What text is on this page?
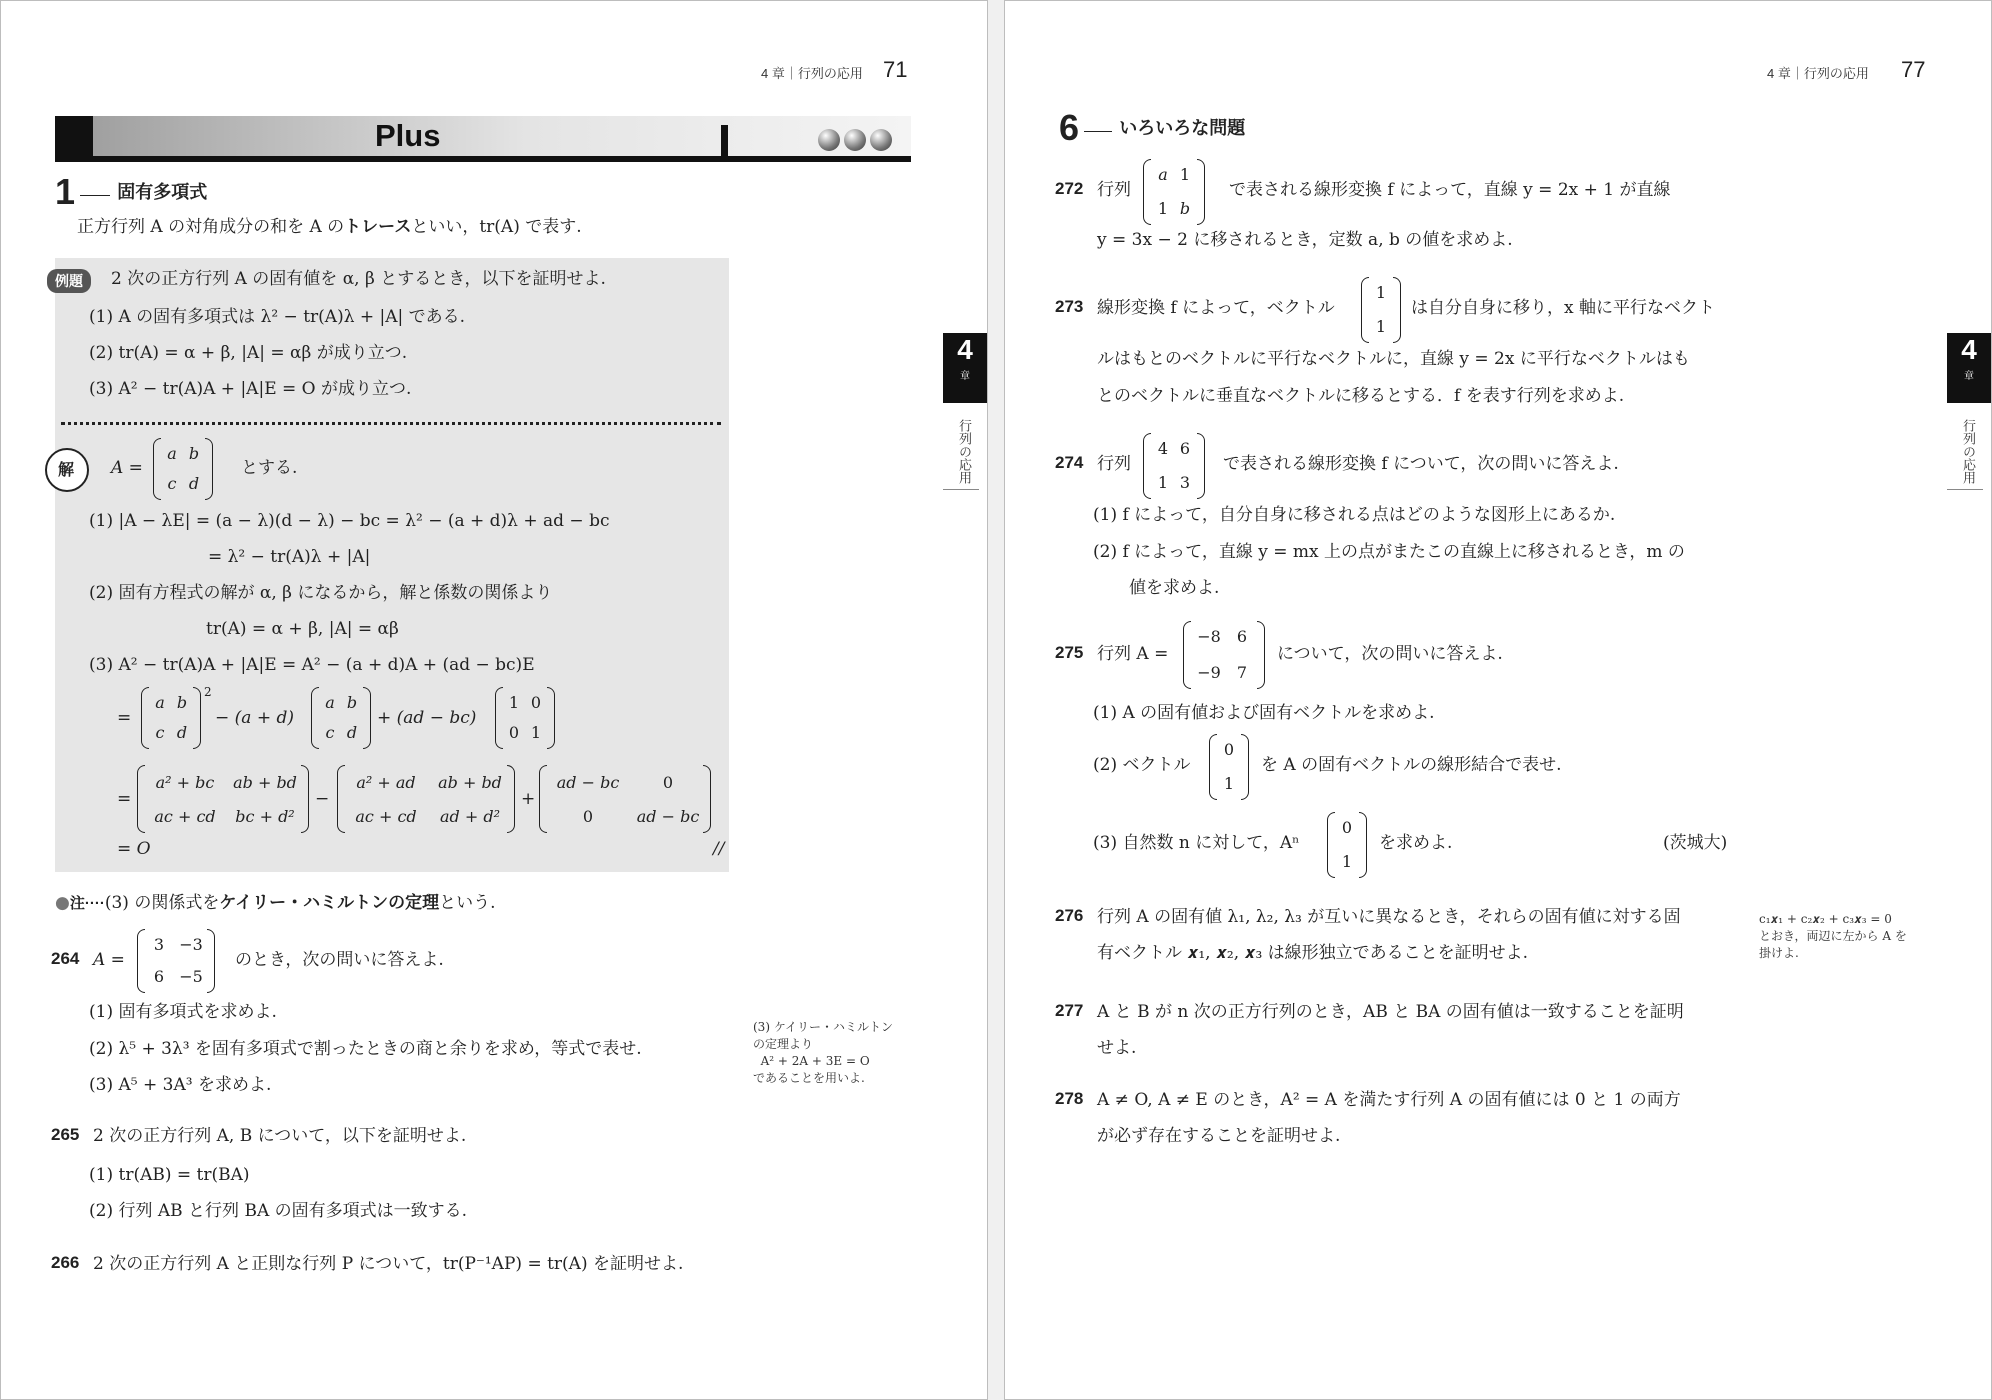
4 章｜行列の応用 71
Plus
1 固有多項式
正方行列 A の対角成分の和を A のトレースといい，tr(A) で表す.
例題	2 次の正方行列 A の固有値を α, β とするとき，以下を証明せよ.
(1) A の固有多項式は λ² − tr(A)λ + |A| である.
(2) tr(A) = α + β, |A| = αβ が成り立つ.
(3) A² − tr(A)A + |A|E = O が成り立つ.
解 A =
a b
c d
とする.
(1) |A − λE| = (a − λ)(d − λ) − bc = λ² − (a + d)λ + ad − bc
= λ² − tr(A)λ + |A|
(2) 固有方程式の解が α, β になるから，解と係数の関係より
tr(A) = α + β, |A| = αβ
(3) A² − tr(A)A + |A|E = A² − (a + d)A + (ad − bc)E
=
a b
c d
2
− (a + d)
a b
c d
+ (ad − bc)
1 0
0 1
=
a² + bc	ab + bd
ac + cd	bc + d²
−
a² + ad	ab + bd
ac + cd	ad + d²
+
ad − bc	0
0	ad − bc
= O	//
●注····(3) の関係式をケイリー・ハミルトンの定理という.
264 A =
3 −3
6 −5
のとき，次の問いに答えよ.
(1) 固有多項式を求めよ.
(2) λ⁵ + 3λ³ を固有多項式で割ったときの商と余りを求め，等式で表せ.
(3) A⁵ + 3A³ を求めよ.
(3) ケイリー・ハミルトン
の定理より
A² + 2A + 3E = O
であることを用いよ.
265 2 次の正方行列 A, B について，以下を証明せよ.
(1) tr(AB) = tr(BA)
(2) 行列 AB と行列 BA の固有多項式は一致する.
266 2 次の正方行列 A と正則な行列 P について，tr(P⁻¹AP) = tr(A) を証明せよ.
4
章
行列の応用
4 章｜行列の応用 77
6 いろいろな問題
272 行列
a 1
1 b
で表される線形変換 f によって，直線 y = 2x + 1 が直線
y = 3x − 2 に移されるとき，定数 a, b の値を求めよ.
273 線形変換 f によって，ベクトル
1
1
は自分自身に移り，x 軸に平行なベクト
ルはもとのベクトルに平行なベクトルに，直線 y = 2x に平行なベクトルはも
とのベクトルに垂直なベクトルに移るとする．f を表す行列を求めよ.
274 行列
4 6
1 3
で表される線形変換 f について，次の問いに答えよ.
(1) f によって，自分自身に移される点はどのような図形上にあるか.
(2) f によって，直線 y = mx 上の点がまたこの直線上に移されるとき，m の
値を求めよ.
275 行列 A =
−8	6
−9	7
について，次の問いに答えよ.
(1) A の固有値および固有ベクトルを求めよ.
(2) ベクトル
0
1
を A の固有ベクトルの線形結合で表せ.
(3) 自然数 n に対して，Aⁿ
0
1
を求めよ.	(茨城大)
276 行列 A の固有値 λ₁, λ₂, λ₃ が互いに異なるとき，それらの固有値に対する固
有ベクトル 𝒙₁, 𝒙₂, 𝒙₃ は線形独立であることを証明せよ.
c₁𝒙₁ + c₂𝒙₂ + c₃𝒙₃ = 0
とおき，両辺に左から A を
掛けよ.
277 A と B が n 次の正方行列のとき，AB と BA の固有値は一致することを証明
せよ.
278 A ≠ O, A ≠ E のとき，A² = A を満たす行列 A の固有値には 0 と 1 の両方
が必ず存在することを証明せよ.
4
章
行列の応用
